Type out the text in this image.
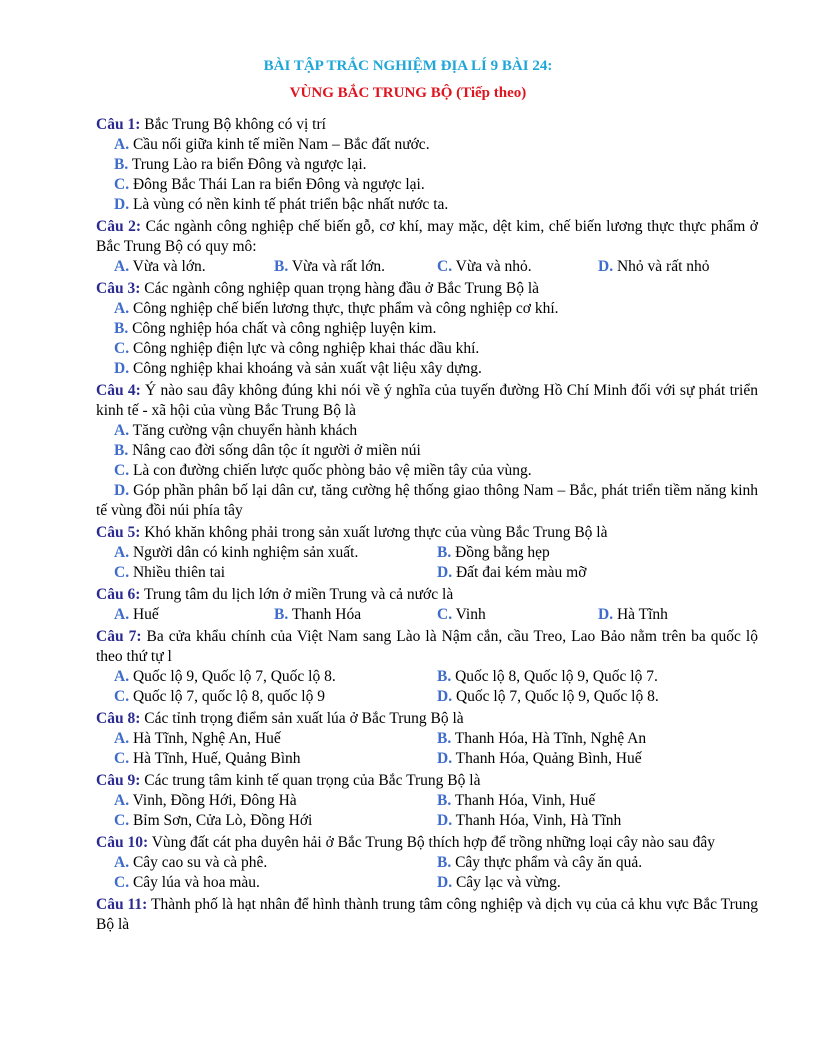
BÀI TẬP TRẮC NGHIỆM ĐỊA LÍ 9 BÀI 24:
VÙNG BẮC TRUNG BỘ (Tiếp theo)
Câu 1: Bắc Trung Bộ không có vị trí
A. Cầu nối giữa kinh tế miền Nam – Bắc đất nước.
B. Trung Lào ra biển Đông và ngược lại.
C. Đông Bắc Thái Lan ra biển Đông và ngược lại.
D. Là vùng có nền kinh tế phát triển bậc nhất nước ta.
Câu 2: Các ngành công nghiệp chế biến gỗ, cơ khí, may mặc, dệt kim, chế biến lương thực thực phẩm ở Bắc Trung Bộ có quy mô:
A. Vừa và lớn.	B. Vừa và rất lớn.	C. Vừa và nhỏ.	D. Nhỏ và rất nhỏ
Câu 3: Các ngành công nghiệp quan trọng hàng đầu ở Bắc Trung Bộ là
A. Công nghiệp chế biến lương thực, thực phẩm và công nghiệp cơ khí.
B. Công nghiệp hóa chất và công nghiệp luyện kim.
C. Công nghiệp điện lực và công nghiệp khai thác dầu khí.
D. Công nghiệp khai khoáng và sản xuất vật liệu xây dựng.
Câu 4: Ý nào sau đây không đúng khi nói về ý nghĩa của tuyến đường Hồ Chí Minh đối với sự phát triển kinh tế - xã hội của vùng Bắc Trung Bộ là
A. Tăng cường vận chuyển hành khách
B. Nâng cao đời sống dân tộc ít người ở miền núi
C. Là con đường chiến lược quốc phòng bảo vệ miền tây của vùng.
D. Góp phần phân bố lại dân cư, tăng cường hệ thống giao thông Nam – Bắc, phát triển tiềm năng kinh tế vùng đồi núi phía tây
Câu 5: Khó khăn không phải trong sản xuất lương thực của vùng Bắc Trung Bộ là
A. Người dân có kinh nghiệm sản xuất.	B. Đồng bằng hẹp
C. Nhiều thiên tai	D. Đất đai kém màu mỡ
Câu 6: Trung tâm du lịch lớn ở miền Trung và cả nước là
A. Huế	B. Thanh Hóa	C. Vinh	D. Hà Tĩnh
Câu 7: Ba cửa khẩu chính của Việt Nam sang Lào là Nậm cắn, cầu Treo, Lao Bảo nằm trên ba quốc lộ theo thứ tự l
A. Quốc lộ 9, Quốc lộ 7, Quốc lộ 8.	B. Quốc lộ 8, Quốc lộ 9, Quốc lộ 7.
C. Quốc lộ 7, quốc lộ 8, quốc lộ 9	D. Quốc lộ 7, Quốc lộ 9, Quốc lộ 8.
Câu 8: Các tỉnh trọng điểm sản xuất lúa ở Bắc Trung Bộ là
A. Hà Tĩnh, Nghệ An, Huế	B. Thanh Hóa, Hà Tĩnh, Nghệ An
C. Hà Tĩnh, Huế, Quảng Bình	D. Thanh Hóa, Quảng Bình, Huế
Câu 9: Các trung tâm kinh tế quan trọng của Bắc Trung Bộ là
A. Vinh, Đồng Hới, Đông Hà	B. Thanh Hóa, Vinh, Huế
C. Bỉm Sơn, Cửa Lò, Đồng Hới	D. Thanh Hóa, Vinh, Hà Tĩnh
Câu 10: Vùng đất cát pha duyên hải ở Bắc Trung Bộ thích hợp để trồng những loại cây nào sau đây
A. Cây cao su và cà phê.	B. Cây thực phẩm và cây ăn quả.
C. Cây lúa và hoa màu.	D. Cây lạc và vừng.
Câu 11: Thành phố là hạt nhân để hình thành trung tâm công nghiệp và dịch vụ của cả khu vực Bắc Trung Bộ là
